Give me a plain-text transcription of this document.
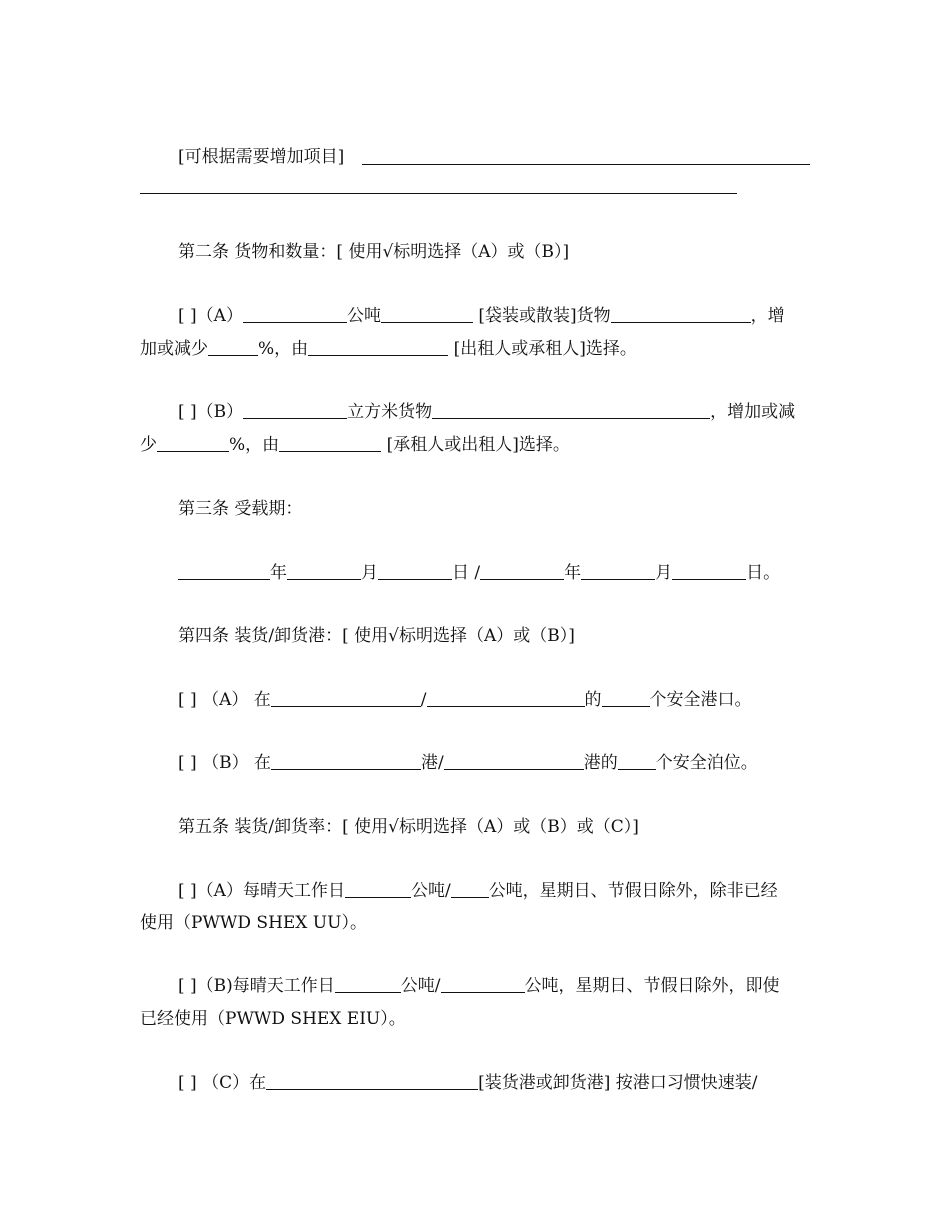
[可根据需要增加项目]
第二条 货物和数量：[ 使用√标明选择（A）或（B）]
[ ]（A）	公吨	[袋装或散装]货物	，增
加或减少	%，由	[出租人或承租人]选择。
[ ]（B）	立方米货物	，增加或减
少	%，由	[承租人或出租人]选择。
第三条 受载期：
年	月	日 /	年	月	日。
第四条 装货/卸货港：[ 使用√标明选择（A）或（B）]
[ ] （A） 在	/	的	个安全港口。
[ ] （B） 在	港/	港的 个安全泊位。
第五条 装货/卸货率：[ 使用√标明选择（A）或（B）或（C）]
[ ]（A）每晴天工作日	公吨/ 公吨，星期日、节假日除外，除非已经
使用（PWWD SHEX UU）。
[ ]（B)每晴天工作日	公吨/	公吨，星期日、节假日除外，即使
已经使用（PWWD SHEX EIU）。
[ ] （C）在	[装货港或卸货港] 按港口习惯快速装/
